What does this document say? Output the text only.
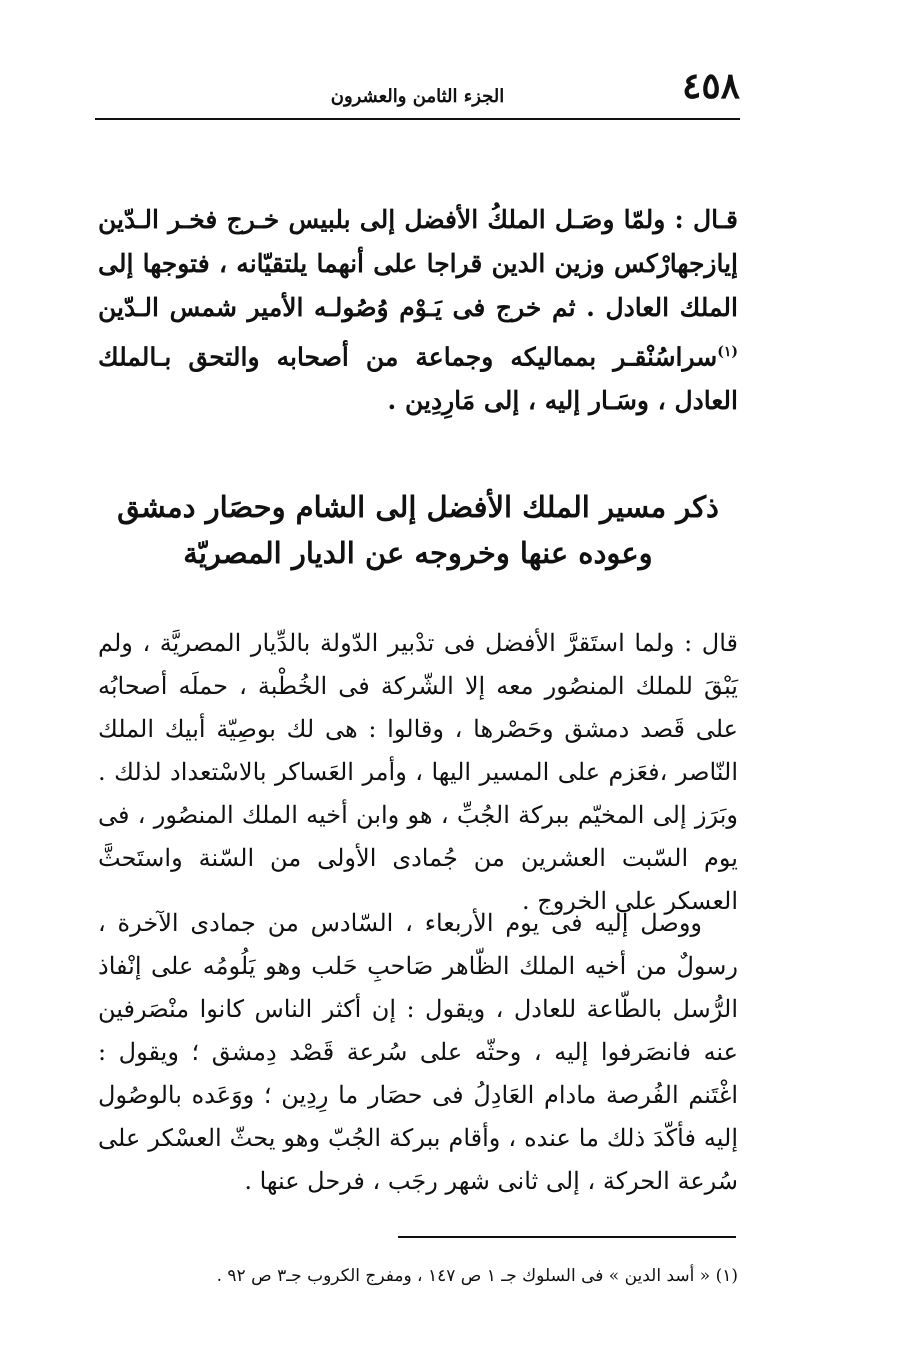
٤٥٨
الجزء الثامن والعشرون

قـال : ولمّا وصَـل الملكُ الأفضل إلى بلبيس خـرج فخـر الـدّين إيازجهارْكس وزين الدين قراجا على أنهما يلتقيّانه ، فتوجها إلى الملك العادل . ثم خرج فى يَـوْم وُصُولـه الأمير شمس الـدّين $^{(١)}$سراسُنْقـر بمماليكه وجماعة من أصحابه والتحق بـالملك العادل ، وسَـار إليه ، إلى مَارِدِين .

ذكر مسير الملك الأفضل إلى الشام وحصَار دمشق
وعوده عنها وخروجه عن الديار المصريّة

قال : ولما استَقرَّ الأفضل فى تدْبير الدّولة بالدِّيار المصريَّة ، ولم يَبْقَ للملك المنصُور معه إلا الشّركة فى الخُطْبة ، حملَه أصحابُه على قَصد دمشق وحَصْرها ، وقالوا : هى لك بوصِيّة أبيك الملك النّاصر ،فعَزم على المسير اليها ، وأمر العَساكر بالاسْتعداد لذلك . وبَرَز إلى المخيّم ببركة الجُبِّ ، هو وابن أخيه الملك المنصُور ، فى يوم السّبت العشرين من جُمادى الأولى من السّنة واستَحثَّ العسكر على الخروج .

ووصل إليه فى يوم الأربعاء ، السّادس من جمادى الآخرة ، رسولٌ من أخيه الملك الظّاهر صَاحبِ حَلب وهو يَلُومُه على إنْفاذ الرُّسل بالطّاعة للعادل ، ويقول : إن أكثر الناس كانوا منْصَرفين عنه فانصَرفوا إليه ، وحثّه على سُرعة قَصْد دِمشق ؛ ويقول : اغْتَنم الفُرصة مادام العَادِلُ فى حصَار ما رِدِين ؛ ووَعَده بالوصُول إليه فأكّدَ ذلك ما عنده ، وأقام ببركة الجُبّ وهو يحثّ العسْكر على سُرعة الحركة ، إلى ثانى شهر رجَب ، فرحل عنها .

(١) « أسد الدين » فى السلوك جـ ١ ص ١٤٧ ، ومفرج الكروب جـ٣ ص ٩٢ .
